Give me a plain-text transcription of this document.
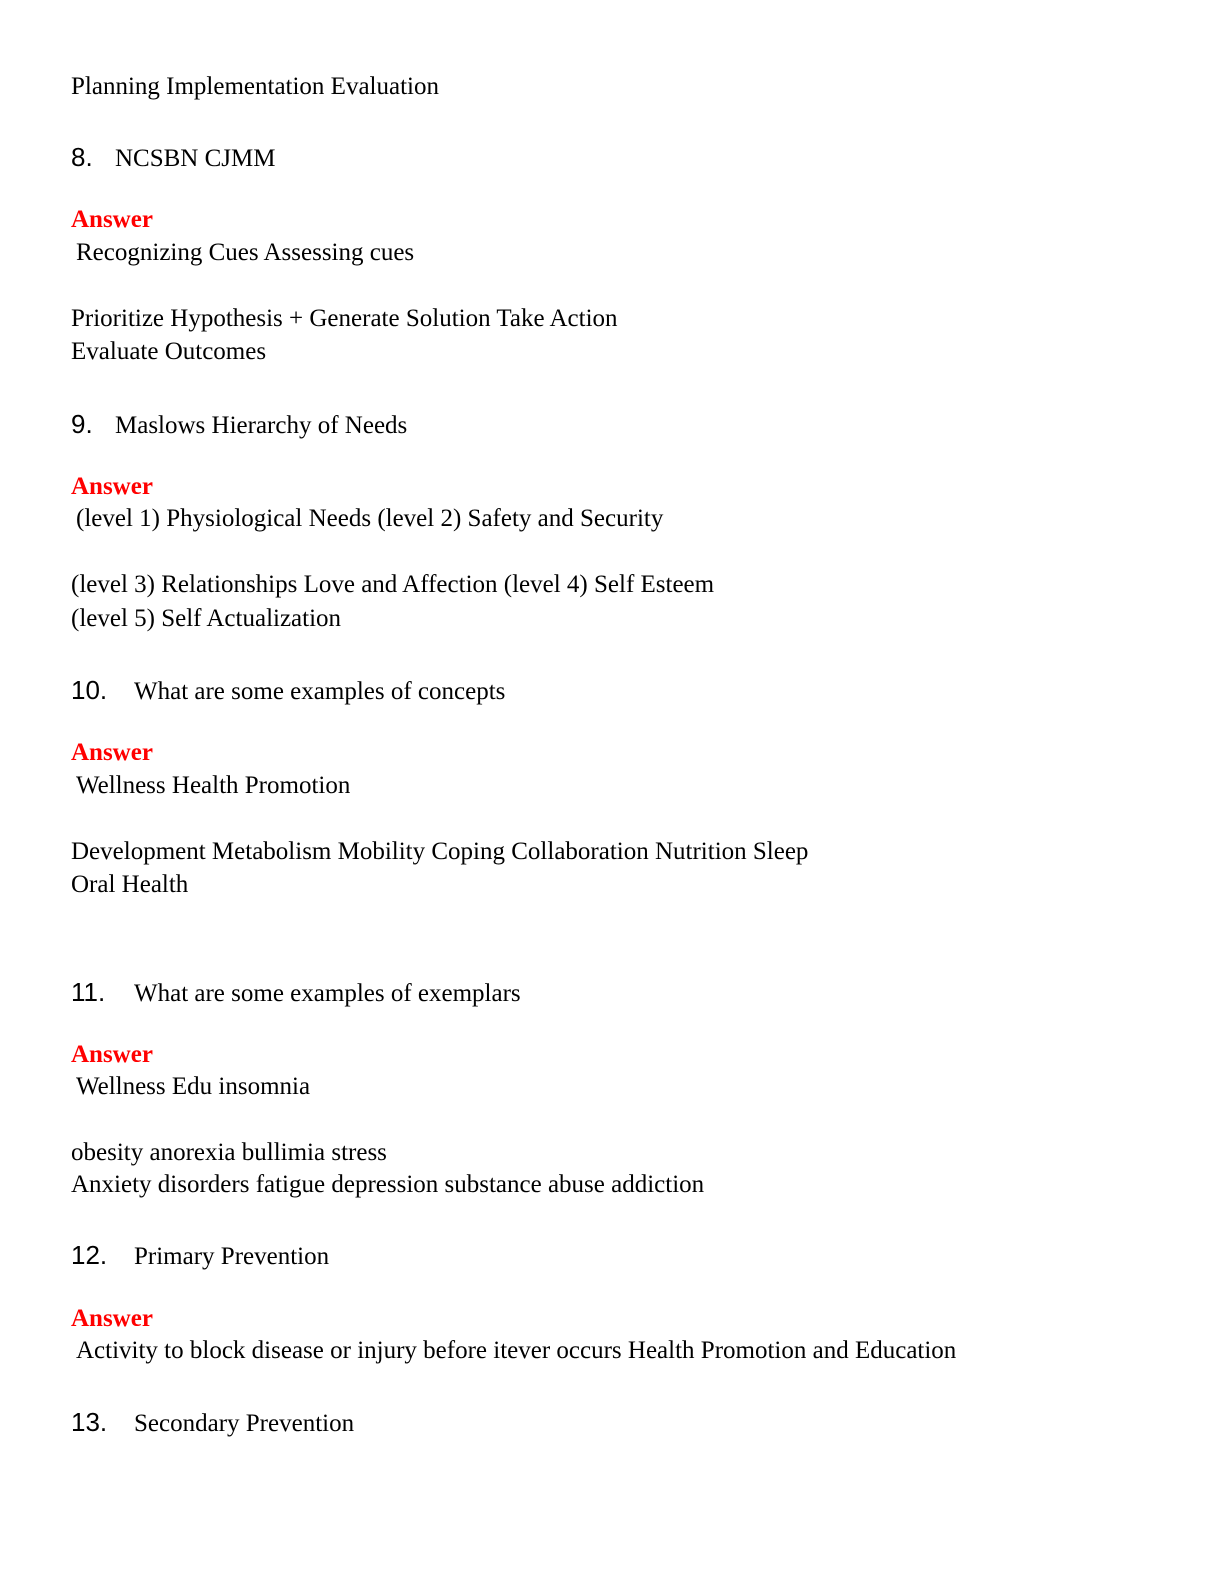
Planning Implementation Evaluation
8. NCSBN CJMM
Answer
Recognizing Cues Assessing cues
Prioritize Hypothesis + Generate Solution Take Action
Evaluate Outcomes
9. Maslows Hierarchy of Needs
Answer
(level 1) Physiological Needs (level 2) Safety and Security
(level 3) Relationships Love and Affection (level 4) Self Esteem
(level 5) Self Actualization
10. What are some examples of concepts
Answer
Wellness Health Promotion
Development Metabolism Mobility Coping Collaboration Nutrition Sleep
Oral Health
11. What are some examples of exemplars
Answer
Wellness Edu insomnia
obesity anorexia bullimia stress
Anxiety disorders fatigue depression substance abuse addiction
12. Primary Prevention
Answer
Activity to block disease or injury before itever occurs Health Promotion and Education
13. Secondary Prevention
